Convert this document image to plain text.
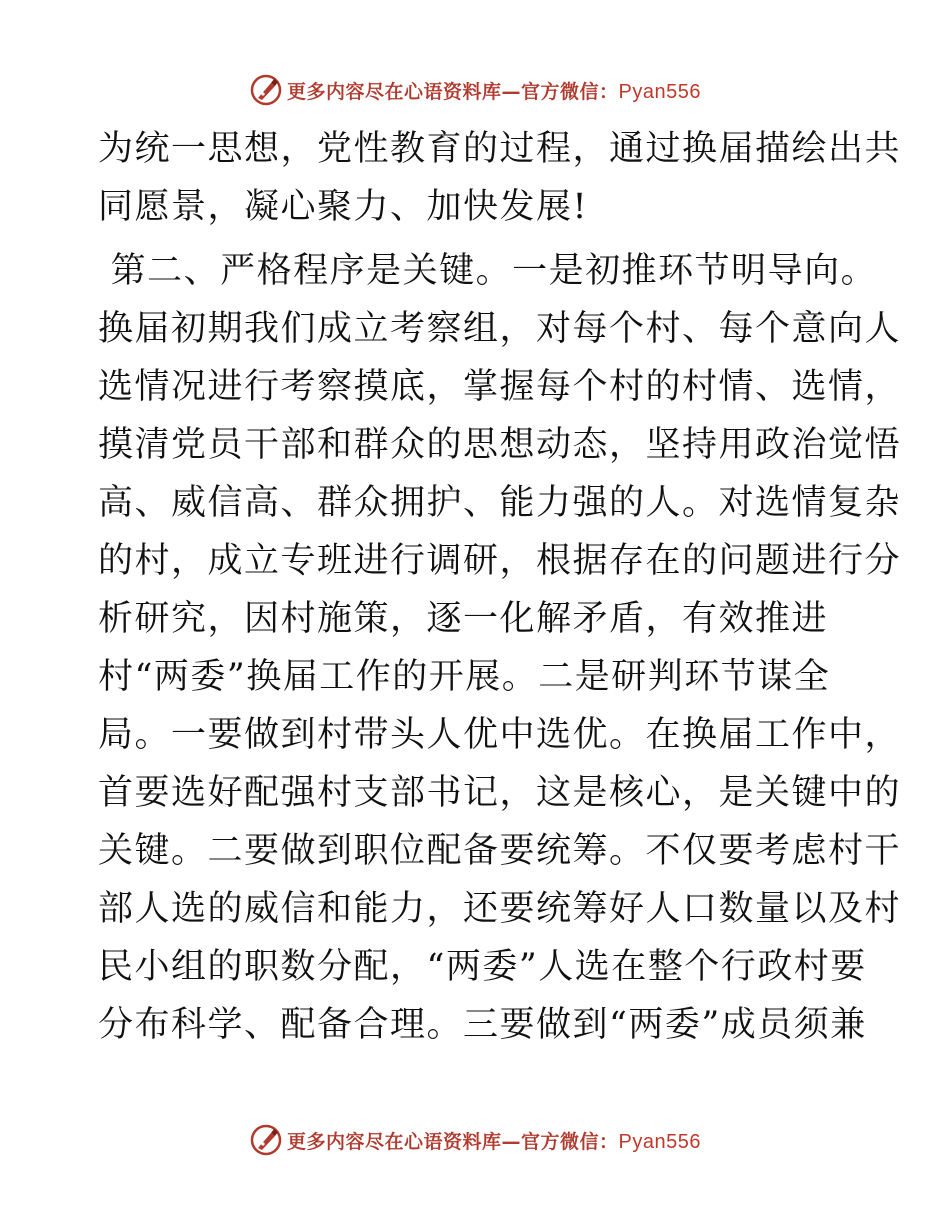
更多内容尽在心语资料库—官方微信：Pyan556
为统一思想，党性教育的过程，通过换届描绘出共
同愿景，凝心聚力、加快发展!
第二、严格程序是关键。一是初推环节明导向。
换届初期我们成立考察组，对每个村、每个意向人
选情况进行考察摸底，掌握每个村的村情、选情，
摸清党员干部和群众的思想动态，坚持用政治觉悟
高、威信高、群众拥护、能力强的人。对选情复杂
的村，成立专班进行调研，根据存在的问题进行分
析研究，因村施策，逐一化解矛盾，有效推进
村“两委”换届工作的开展。二是研判环节谋全
局。一要做到村带头人优中选优。在换届工作中，
首要选好配强村支部书记，这是核心，是关键中的
关键。二要做到职位配备要统筹。不仅要考虑村干
部人选的威信和能力，还要统筹好人口数量以及村
民小组的职数分配，“两委”人选在整个行政村要
分布科学、配备合理。三要做到“两委”成员须兼
更多内容尽在心语资料库—官方微信：Pyan556
